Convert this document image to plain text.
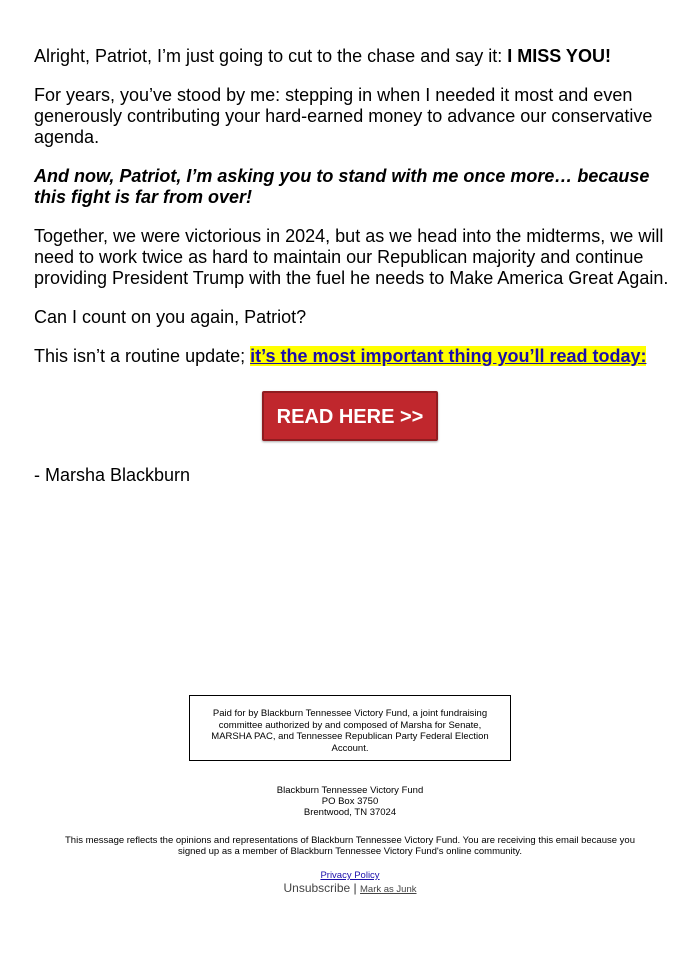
Alright, Patriot, I’m just going to cut to the chase and say it: I MISS YOU!

For years, you’ve stood by me: stepping in when I needed it most and even generously contributing your hard-earned money to advance our conservative agenda.

And now, Patriot, I’m asking you to stand with me once more… because this fight is far from over!

Together, we were victorious in 2024, but as we head into the midterms, we will need to work twice as hard to maintain our Republican majority and continue providing President Trump with the fuel he needs to Make America Great Again.

Can I count on you again, Patriot?

This isn’t a routine update; it’s the most important thing you’ll read today:

READ HERE >>

- Marsha Blackburn

Paid for by Blackburn Tennessee Victory Fund, a joint fundraising committee authorized by and composed of Marsha for Senate, MARSHA PAC, and Tennessee Republican Party Federal Election Account.
Blackburn Tennessee Victory Fund
PO Box 3750
Brentwood, TN 37024
This message reflects the opinions and representations of Blackburn Tennessee Victory Fund. You are receiving this email because you signed up as a member of Blackburn Tennessee Victory Fund's online community.
Privacy Policy
Unsubscribe | Mark as Junk
